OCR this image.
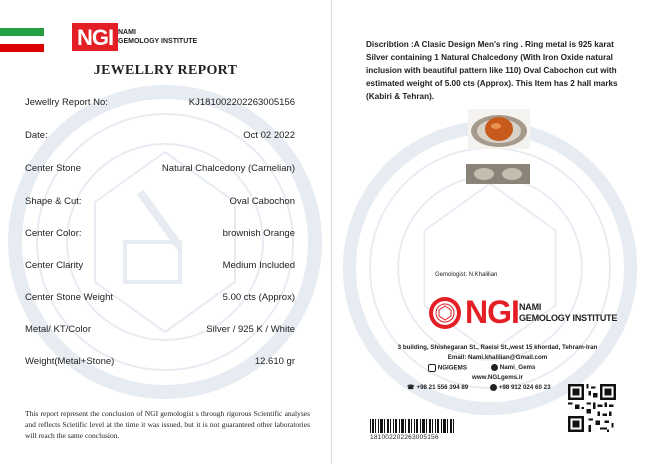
NGI NAMI
GEMOLOGY INSTITUTE
JEWELLRY REPORT
Jewellry Report No:	KJ181002202263005156
Date:	Oct 02 2022
Center Stone	Natural Chalcedony (Carnelian)
Shape & Cut:	Oval Cabochon
Center Color:	brownish Orange
Center Clarity	Medium Included
Center Stone Weight	5.00 cts (Approx)
Metal/ KT/Color	Silver / 925 K / White
Weight(Metal+Stone)	12.610 gr
This report represent the conclusion of NGI gemologist s through rigorous Scientific analyses and reflects Scietific level at the time it was issued, but it is not guaranteed other laboratories will reach the same conclusion.
Discribtion :A Clasic Design Men's ring . Ring metal is 925 karat Silver containing 1 Natural Chalcedony (With Iron Oxide natural inclusion with beautiful pattern like 110) Oval Cabochon cut with estimated weight of 5.00 cts (Approx). This Item has 2 hall marks (Kabiri & Tehran).
Gemologist: N.Khalilian
NGI NAMI
GEMOLOGY INSTITUTE
3 building, Shishegaran St., Raeisi St.,west 15 khordad, Tehram-Iran
Email: Nami.khalilian@Gmail.com
NGIGEMS	Nami_Gems
www.NGLgems.ir
☎ +98 21 556 394 89	+98 912 024 60 23
181002202263005156
